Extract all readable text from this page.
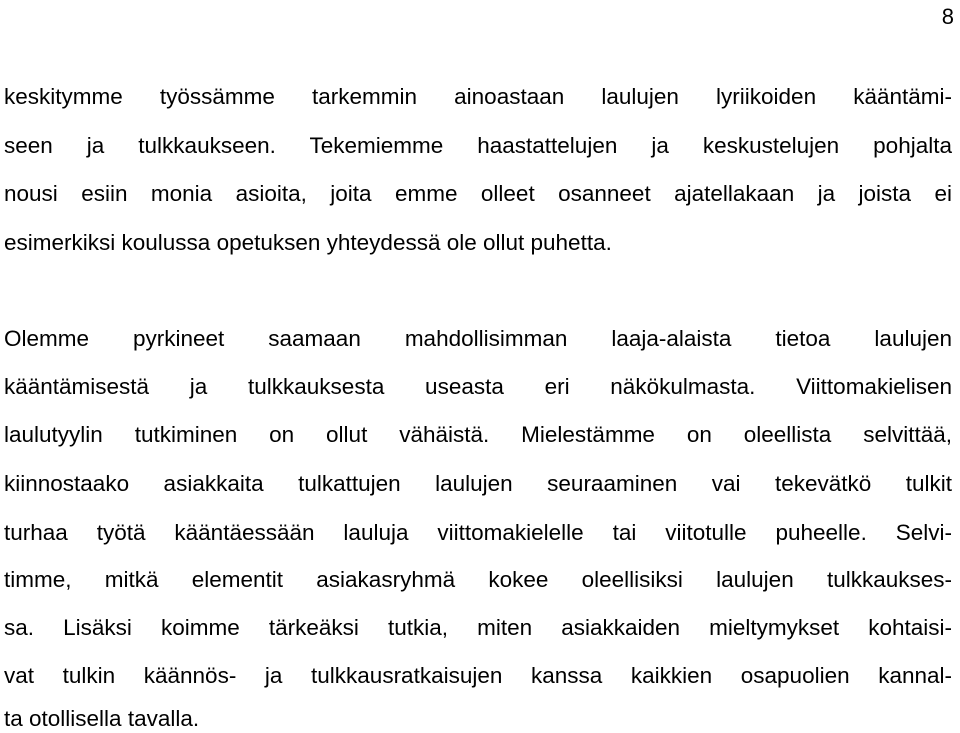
8
keskitymme työssämme tarkemmin ainoastaan laulujen lyriikoiden kääntämi-
seen ja tulkkaukseen. Tekemiemme haastattelujen ja keskustelujen pohjalta
nousi esiin monia asioita, joita emme olleet osanneet ajatellakaan ja joista ei
esimerkiksi koulussa opetuksen yhteydessä ole ollut puhetta.
Olemme pyrkineet saamaan mahdollisimman laaja-alaista tietoa laulujen
kääntämisestä ja tulkkauksesta useasta eri näkökulmasta. Viittomakielisen
laulutyylin tutkiminen on ollut vähäistä. Mielestämme on oleellista selvittää,
kiinnostaako asiakkaita tulkattujen laulujen seuraaminen vai tekevätkö tulkit
turhaa työtä kääntäessään lauluja viittomakielelle tai viitotulle puheelle. Selvi-
timme, mitkä elementit asiakasryhmä kokee oleellisiksi laulujen tulkkaukses-
sa. Lisäksi koimme tärkeäksi tutkia, miten asiakkaiden mieltymykset kohtaisi-
vat tulkin käännös- ja tulkkausratkaisujen kanssa kaikkien osapuolien kannal-
ta otollisella tavalla.
